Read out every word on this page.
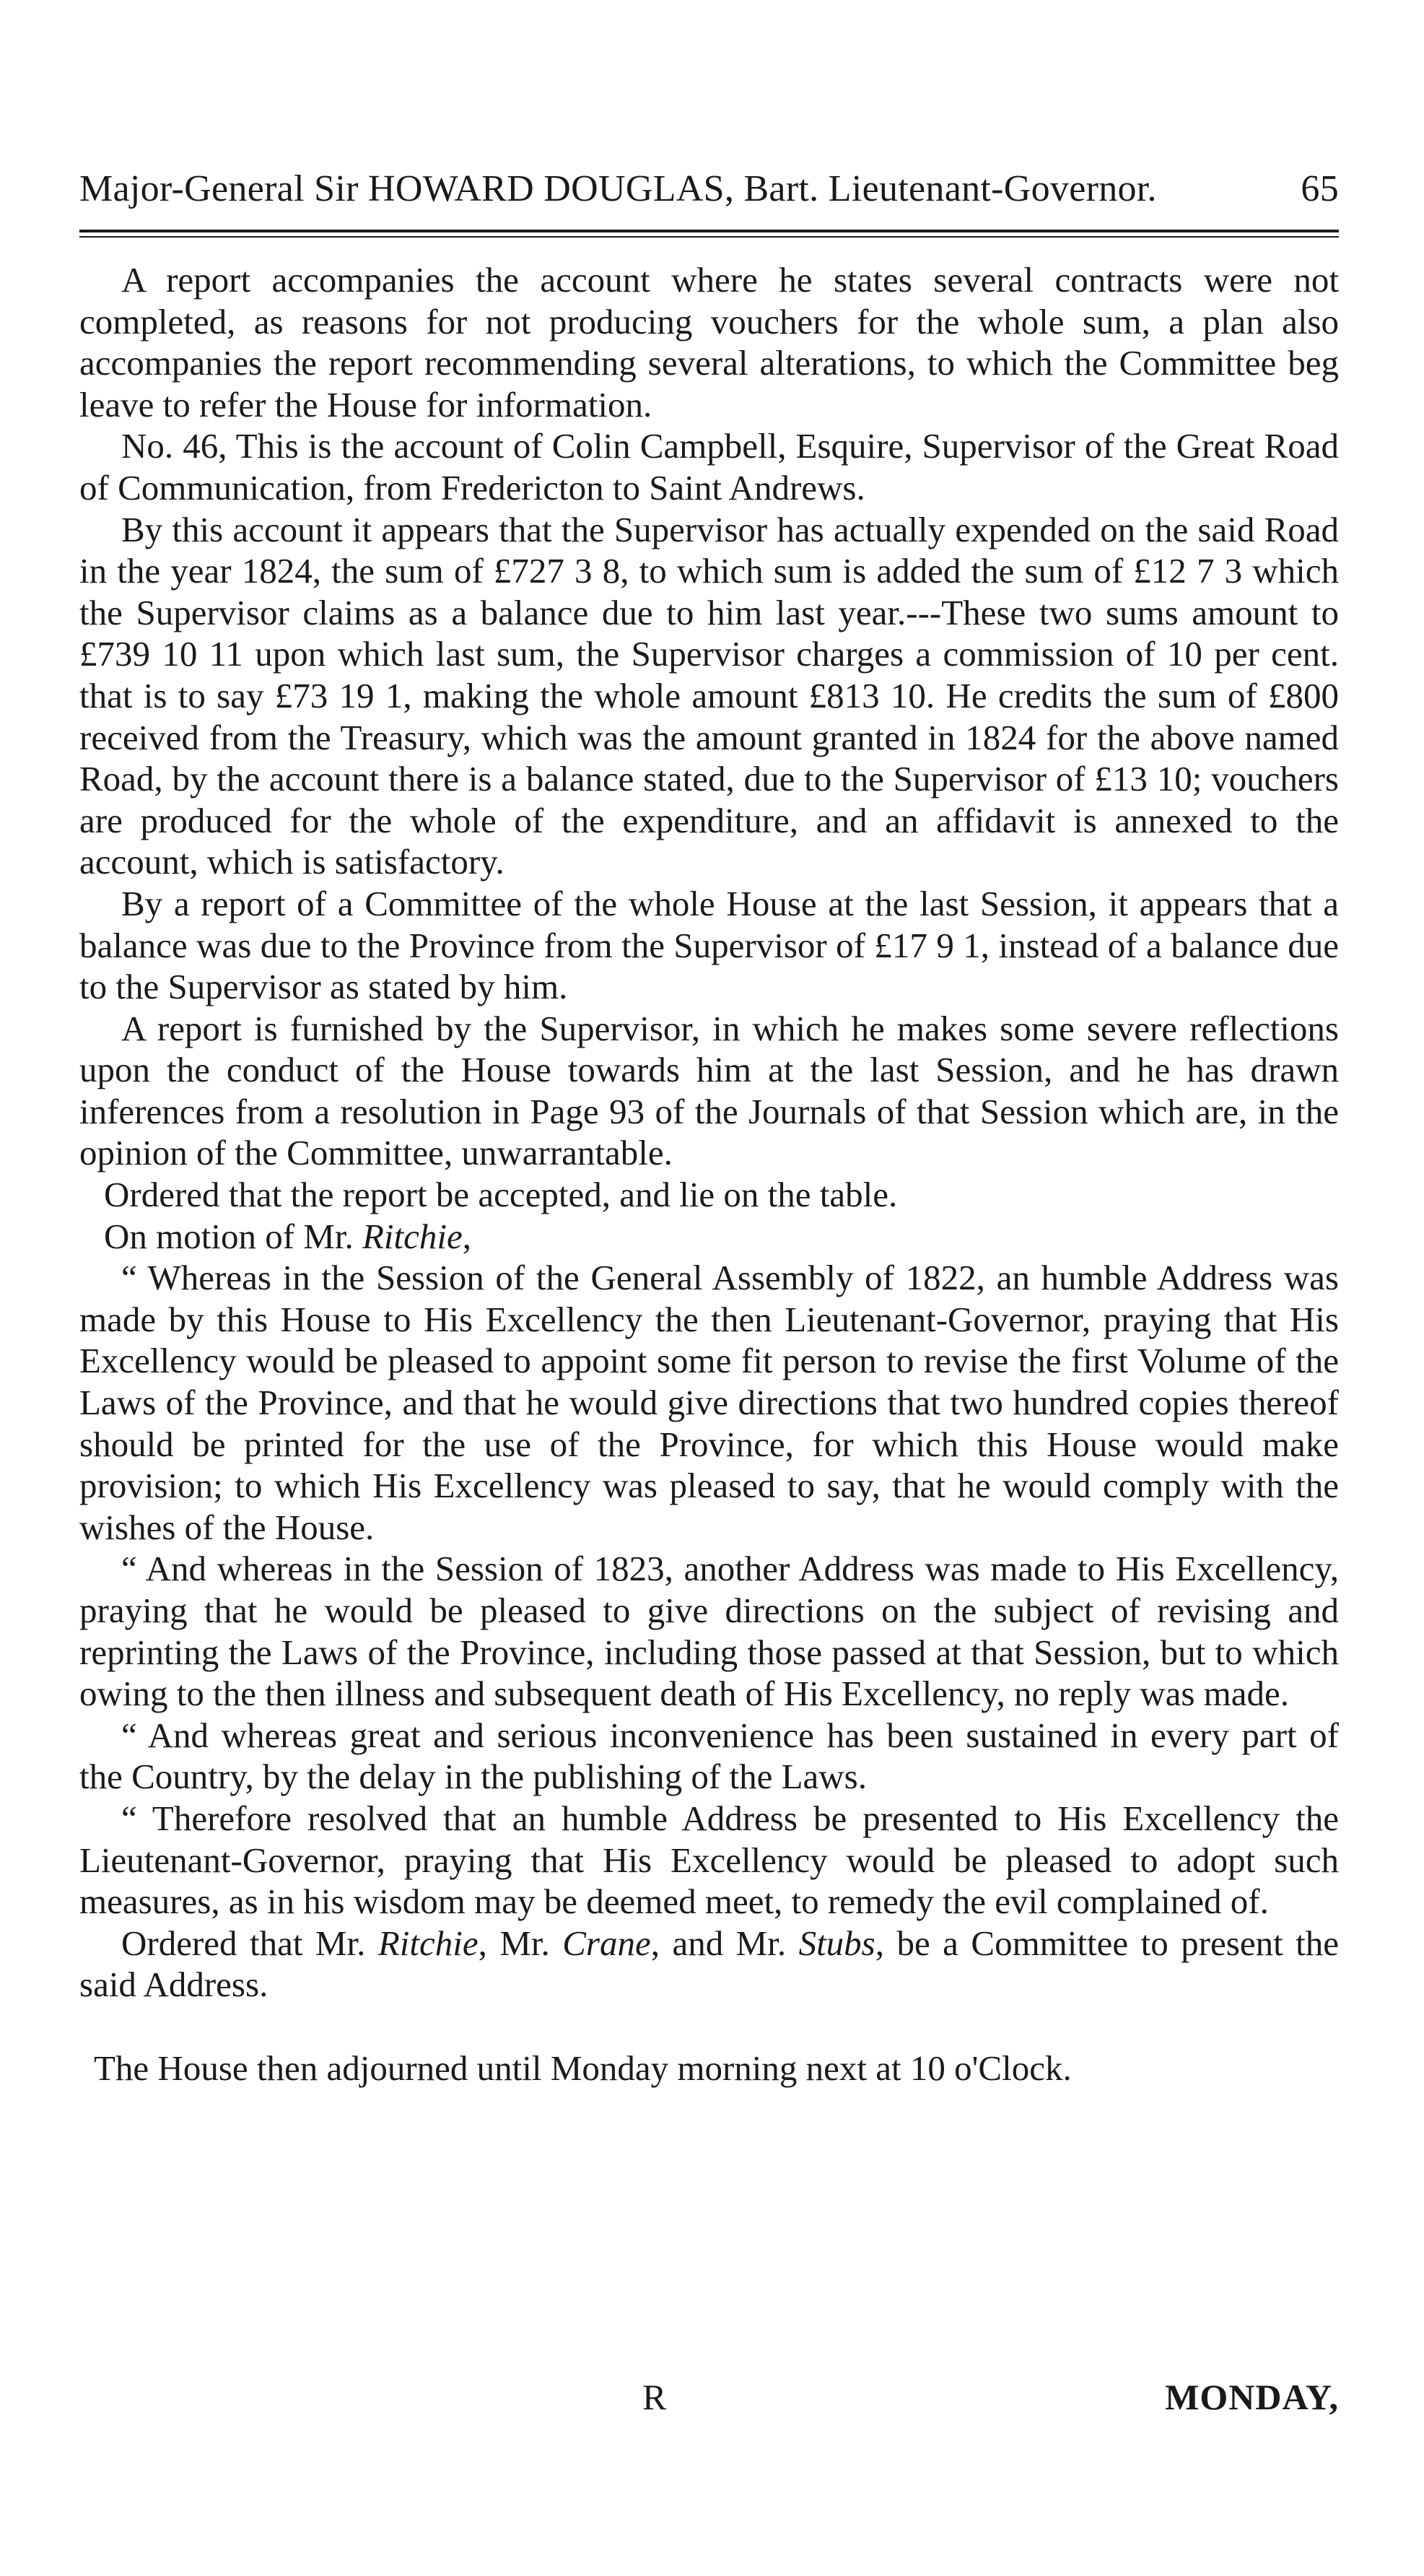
Major-General Sir HOWARD DOUGLAS, Bart. Lieutenant-Governor.	65

A report accompanies the account where he states several contracts were not completed, as reasons for not producing vouchers for the whole sum, a plan also accompanies the report recommending several alterations, to which the Committee beg leave to refer the House for information.

No. 46, This is the account of Colin Campbell, Esquire, Supervisor of the Great Road of Communication, from Fredericton to Saint Andrews.

By this account it appears that the Supervisor has actually expended on the said Road in the year 1824, the sum of £727 3 8, to which sum is added the sum of £12 7 3 which the Supervisor claims as a balance due to him last year.---These two sums amount to £739 10 11 upon which last sum, the Supervisor charges a commission of 10 per cent. that is to say £73 19 1, making the whole amount £813 10. He credits the sum of £800 received from the Treasury, which was the amount granted in 1824 for the above named Road, by the account there is a balance stated, due to the Supervisor of £13 10; vouchers are produced for the whole of the expenditure, and an affidavit is annexed to the account, which is satisfactory.

By a report of a Committee of the whole House at the last Session, it appears that a balance was due to the Province from the Supervisor of £17 9 1, instead of a balance due to the Supervisor as stated by him.

A report is furnished by the Supervisor, in which he makes some severe reflections upon the conduct of the House towards him at the last Session, and he has drawn inferences from a resolution in Page 93 of the Journals of that Session which are, in the opinion of the Committee, unwarrantable.

Ordered that the report be accepted, and lie on the table.

On motion of Mr. Ritchie,

“ Whereas in the Session of the General Assembly of 1822, an humble Address was made by this House to His Excellency the then Lieutenant-Governor, praying that His Excellency would be pleased to appoint some fit person to revise the first Volume of the Laws of the Province, and that he would give directions that two hundred copies thereof should be printed for the use of the Province, for which this House would make provision; to which His Excellency was pleased to say, that he would comply with the wishes of the House.

“ And whereas in the Session of 1823, another Address was made to His Excellency, praying that he would be pleased to give directions on the subject of revising and reprinting the Laws of the Province, including those passed at that Session, but to which owing to the then illness and subsequent death of His Excellency, no reply was made.

“ And whereas great and serious inconvenience has been sustained in every part of the Country, by the delay in the publishing of the Laws.

“ Therefore resolved that an humble Address be presented to His Excellency the Lieutenant-Governor, praying that His Excellency would be pleased to adopt such measures, as in his wisdom may be deemed meet, to remedy the evil complained of.

Ordered that Mr. Ritchie, Mr. Crane, and Mr. Stubs, be a Committee to present the said Address.

The House then adjourned until Monday morning next at 10 o'Clock.
R	MONDAY,
